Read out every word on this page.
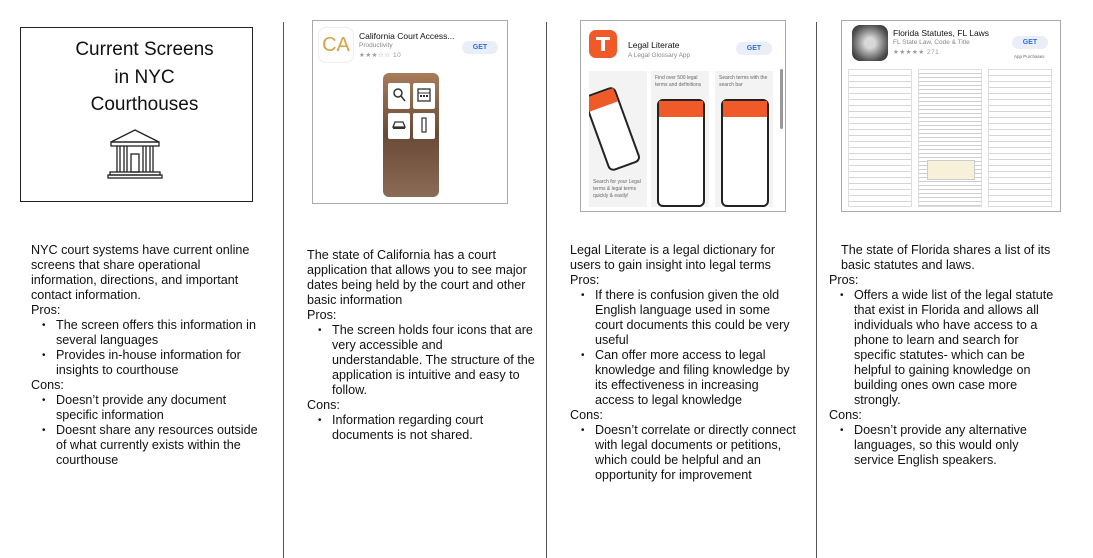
Current Screens
in NYC
Courthouses

NYC court systems have current online screens that share operational information, directions, and important contact information.

Pros:

• The screen offers this information in several languages
• Provides in-house information for insights to courthouse

Cons:

• Doesn’t provide any document specific information
• Doesnt share any resources outside of what currently exists within the courthouse
CA	California Court Access...
Productivity
★★★☆☆ 10
GET

The state of California has a court application that allows you to see major dates being held by the court and other basic information

Pros:

• The screen holds four icons that are very accessible and understandable. The structure of the application is intuitive and easy to follow.

Cons:

• Information regarding court documents is not shared.
Legal Literate
A Legal Glossary App
GET
Search for your Legal terms & legal terms quickly & easily!
Find over 500 legal terms and definitions
Search terms with the search bar

Legal Literate is a legal dictionary for users to gain insight into legal terms

Pros:

• If there is confusion given the old English language used in some court documents this could be very useful
• Can offer more access to legal knowledge and filing knowledge by its effectiveness in increasing access to legal knowledge

Cons:

• Doesn’t correlate or directly connect with legal documents or petitions, which could be helpful and an opportunity for improvement
Florida Statutes, FL Laws
FL State Law, Code & Title
★★★★★ 271
GET
App Purchases

The state of Florida shares a list of its basic statutes and laws.

Pros:

• Offers a wide list of the legal statute that exist in Florida and allows all individuals who have access to a phone to learn and search for specific statutes- which can be helpful to gaining knowledge on building ones own case more strongly.

Cons:

• Doesn’t provide any alternative languages, so this would only service English speakers.
